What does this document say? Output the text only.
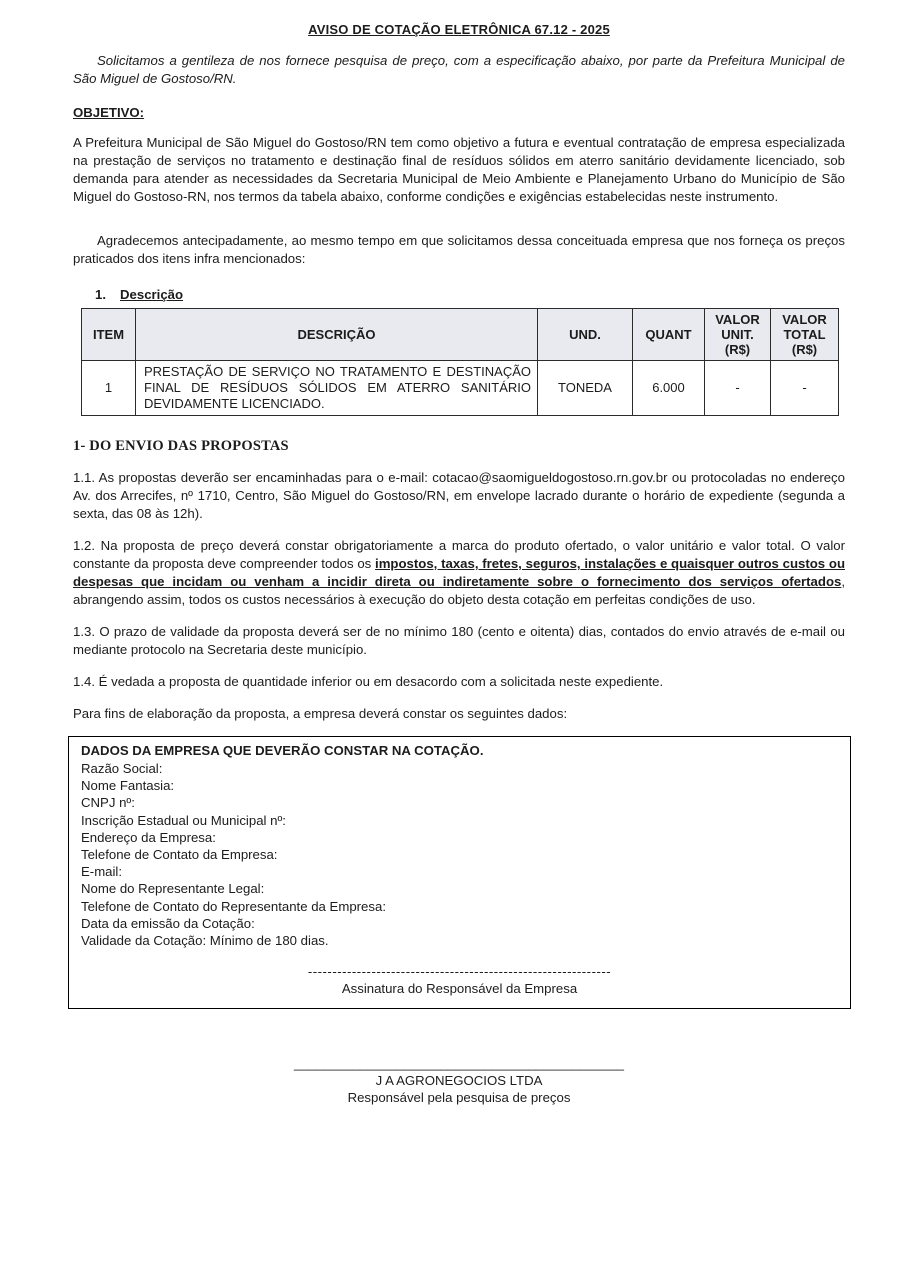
AVISO DE COTAÇÃO ELETRÔNICA 67.12 - 2025

Solicitamos a gentileza de nos fornece pesquisa de preço, com a especificação abaixo, por parte da Prefeitura Municipal de São Miguel de Gostoso/RN.

OBJETIVO:

A Prefeitura Municipal de São Miguel do Gostoso/RN tem como objetivo a futura e eventual contratação de empresa especializada na prestação de serviços no tratamento e destinação final de resíduos sólidos em aterro sanitário devidamente licenciado, sob demanda para atender as necessidades da Secretaria Municipal de Meio Ambiente e Planejamento Urbano do Município de São Miguel do Gostoso-RN, nos termos da tabela abaixo, conforme condições e exigências estabelecidas neste instrumento.

Agradecemos antecipadamente, ao mesmo tempo em que solicitamos dessa conceituada empresa que nos forneça os preços praticados dos itens infra mencionados:

1. Descrição
ITEM	DESCRIÇÃO	UND.	QUANT	VALOR UNIT. (R$)	VALOR TOTAL (R$)
1	PRESTAÇÃO DE SERVIÇO NO TRATAMENTO E DESTINAÇÃO FINAL DE RESÍDUOS SÓLIDOS EM ATERRO SANITÁRIO DEVIDAMENTE LICENCIADO.	TONEDA	6.000	-	-
1- DO ENVIO DAS PROPOSTAS

1.1. As propostas deverão ser encaminhadas para o e-mail: cotacao@saomigueldogostoso.rn.gov.br ou protocoladas no endereço Av. dos Arrecifes, nº 1710, Centro, São Miguel do Gostoso/RN, em envelope lacrado durante o horário de expediente (segunda a sexta, das 08 às 12h).

1.2. Na proposta de preço deverá constar obrigatoriamente a marca do produto ofertado, o valor unitário e valor total. O valor constante da proposta deve compreender todos os impostos, taxas, fretes, seguros, instalações e quaisquer outros custos ou despesas que incidam ou venham a incidir direta ou indiretamente sobre o fornecimento dos serviços ofertados, abrangendo assim, todos os custos necessários à execução do objeto desta cotação em perfeitas condições de uso.

1.3. O prazo de validade da proposta deverá ser de no mínimo 180 (cento e oitenta) dias, contados do envio através de e-mail ou mediante protocolo na Secretaria deste município.

1.4. É vedada a proposta de quantidade inferior ou em desacordo com a solicitada neste expediente.

Para fins de elaboração da proposta, a empresa deverá constar os seguintes dados:

DADOS DA EMPRESA QUE DEVERÃO CONSTAR NA COTAÇÃO.
Razão Social:
Nome Fantasia:
CNPJ nº:
Inscrição Estadual ou Municipal nº:
Endereço da Empresa:
Telefone de Contato da Empresa:
E-mail:
Nome do Representante Legal:
Telefone de Contato do Representante da Empresa:
Data da emissão da Cotação:
Validade da Cotação: Mínimo de 180 dias.
--------------------------------------------------------------
Assinatura do Responsável da Empresa
_____________________________________________
J A AGRONEGOCIOS LTDA
Responsável pela pesquisa de preços
